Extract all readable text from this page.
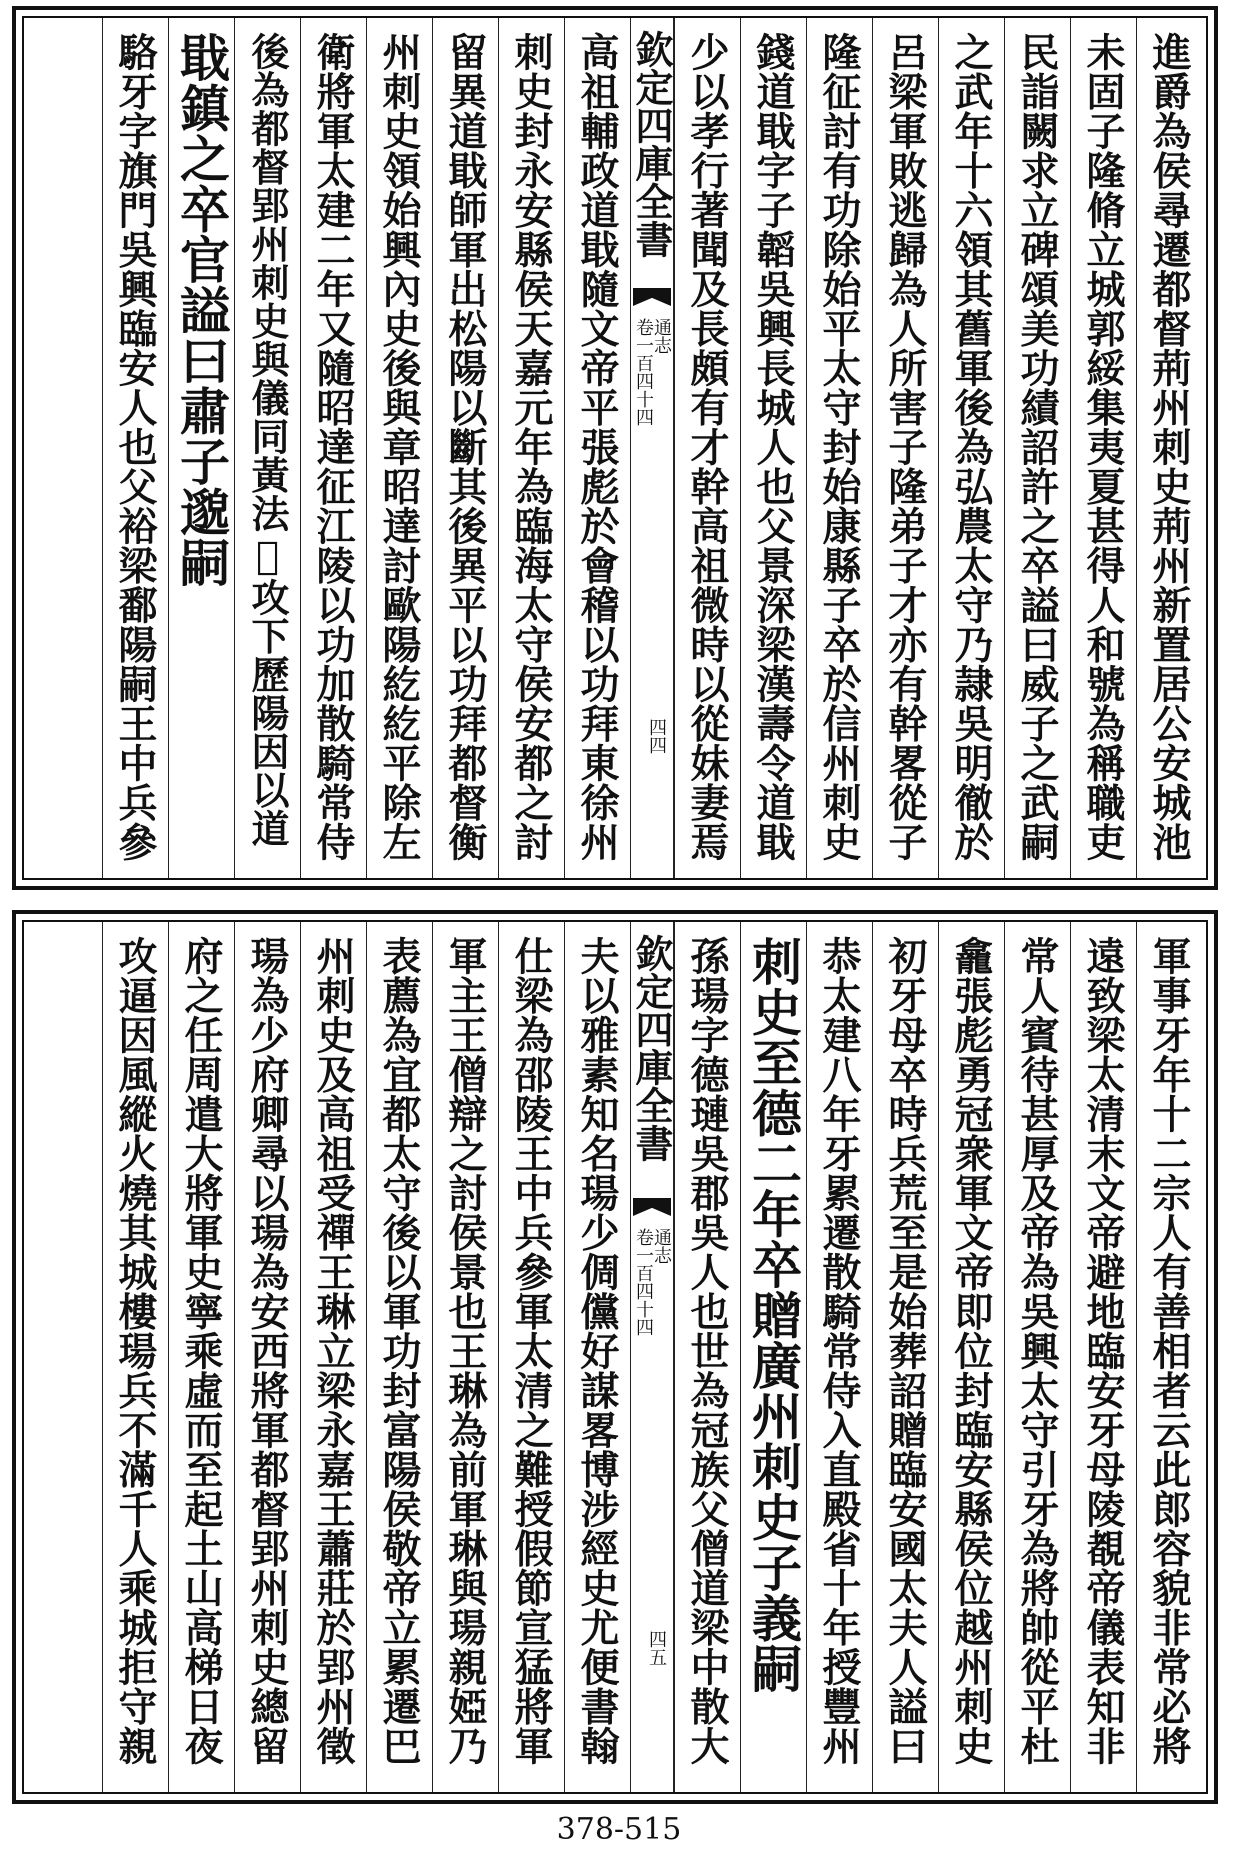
進爵為侯尋遷都督荊州刺史荊州新置居公安城池
未固子隆脩立城郭綏集夷夏甚得人和號為稱職吏
民詣闕求立碑頌美功績詔許之卒謚曰威子之武嗣
之武年十六領其舊軍後為弘農太守乃隷吳明徹於
呂梁軍敗逃歸為人所害子隆弟子才亦有幹畧從子
隆征討有功除始平太守封始康縣子卒於信州刺史
錢道戢字子韜吳興長城人也父景深梁漢壽令道戢
少以孝行著聞及長頗有才幹高祖微時以從妹妻焉
欽定四庫全書
通志
卷一百四十四
四四
高祖輔政道戢隨文帝平張彪於會稽以功拜東徐州
刺史封永安縣侯天嘉元年為臨海太守侯安都之討
留異道戢師軍出松陽以斷其後異平以功拜都督衡
州刺史領始興內史後與章昭達討歐陽紇紇平除左
衛將軍太建二年又隨昭達征江陵以功加散騎常侍
後為都督郢州刺史與儀同黃法𣰰攻下歷陽因以道
戢鎮之卒官謚曰肅子邈嗣
駱牙字旗門吳興臨安人也父裕梁鄱陽嗣王中兵參
軍事牙年十二宗人有善相者云此郎容貌非常必將
遠致梁太清末文帝避地臨安牙母陵覩帝儀表知非
常人賓待甚厚及帝為吳興太守引牙為將帥從平杜
龕張彪勇冠衆軍文帝即位封臨安縣侯位越州刺史
初牙母卒時兵荒至是始葬詔贈臨安國太夫人謚曰
恭太建八年牙累遷散騎常侍入直殿省十年授豐州
刺史至德二年卒贈廣州刺史子義嗣
孫瑒字德璉吳郡吳人也世為冠族父僧道梁中散大
欽定四庫全書
通志
卷一百四十四
四五
夫以雅素知名瑒少倜儻好謀畧博涉經史尤便書翰
仕梁為邵陵王中兵參軍太清之難授假節宣猛將軍
軍主王僧辯之討侯景也王琳為前軍琳與瑒親婭乃
表薦為宜都太守後以軍功封富陽侯敬帝立累遷巴
州刺史及高祖受禪王琳立梁永嘉王蕭莊於郢州徵
瑒為少府卿尋以瑒為安西將軍都督郢州刺史總留
府之任周遣大將軍史寧乘虛而至起土山高梯日夜
攻逼因風縱火燒其城樓瑒兵不滿千人乘城拒守親
378-515
